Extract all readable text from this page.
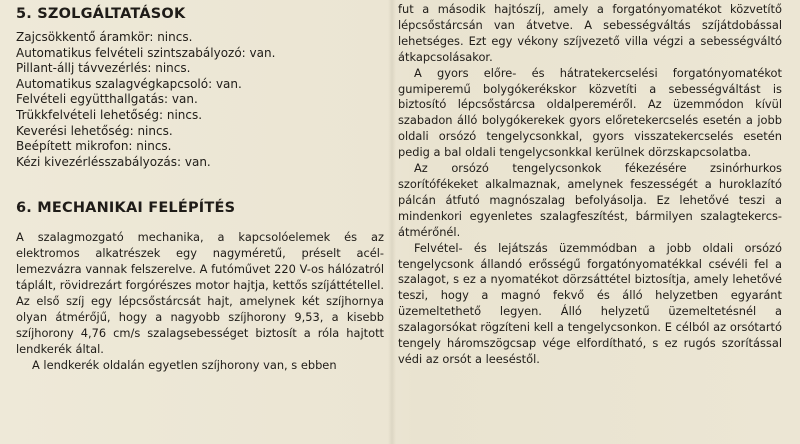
5. SZOLGÁLTATÁSOK
Zajcsökkentő áramkör: nincs.
Automatikus felvételi szintszabályozó: van.
Pillant-állj távvezérlés: nincs.
Automatikus szalagvégkapcsoló: van.
Felvételi együtthallgatás: van.
Trükkfelvételi lehetőség: nincs.
Keverési lehetőség: nincs.
Beépített mikrofon: nincs.
Kézi kivezérlésszabályozás: van.
6. MECHANIKAI FELÉPÍTÉS

A szalagmozgató mechanika, a kapcsolóelemek és az elektromos alkatrészek egy nagyméretű, préselt acél-lemezvázra vannak felszerelve. A futóművet 220 V-os hálózatról táplált, rövidrezárt forgórészes motor hajtja, kettős szíjáttétellel. Az első szíj egy lépcsőstárcsát hajt, amelynek két szíjhornya olyan átmérőjű, hogy a nagyobb szíjhorony 9,53, a kisebb szíjhorony 4,76 cm/s szalagsebességet biztosít a róla hajtott lendkerék által.

A lendkerék oldalán egyetlen szíjhorony van, s ebben

fut a második hajtószíj, amely a forgatónyomatékot közvetítő lépcsőstárcsán van átvetve. A sebességváltás szíjátdobással lehetséges. Ezt egy vékony szíjvezető villa végzi a sebességváltó átkapcsolásakor.

A gyors előre- és hátratekercselési forgatónyomatékot gumiperemű bolygókerékskor közvetíti a sebességváltást is biztosító lépcsőstárcsa oldalperemérőI. Az üzemmódon kívül szabadon álló bolygókerekek gyors előretekercselés esetén a jobb oldali orsózó tengelycsonkkal, gyors visszatekercselés esetén pedig a bal oldali tengelycsonkkal kerülnek dörzskapcsolatba.

Az orsózó tengelycsonkok fékezésére zsinórhurkos szorítófékeket alkalmaznak, amelynek feszességét a huroklazító pálcán átfutó magnószalag befolyásolja. Ez lehetővé teszi a mindenkori egyenletes szalagfeszítést, bármilyen szalagtekercs-átmérőnél.

Felvétel- és lejátszás üzemmódban a jobb oldali orsózó tengelycsonk állandó erősségű forgatónyomatékkal csévéli fel a szalagot, s ez a nyomatékot dörzsáttétel biztosítja, amely lehetővé teszi, hogy a magnó fekvő és álló helyzetben egyaránt üzemeltethető legyen. Álló helyzetű üzemeltetésnél a szalagorsókat rögzíteni kell a tengelycsonkon. E célból az orsótartó tengely háromszögcsap vége elfordítható, s ez rugós szorítással védi az orsót a leeséstől.
